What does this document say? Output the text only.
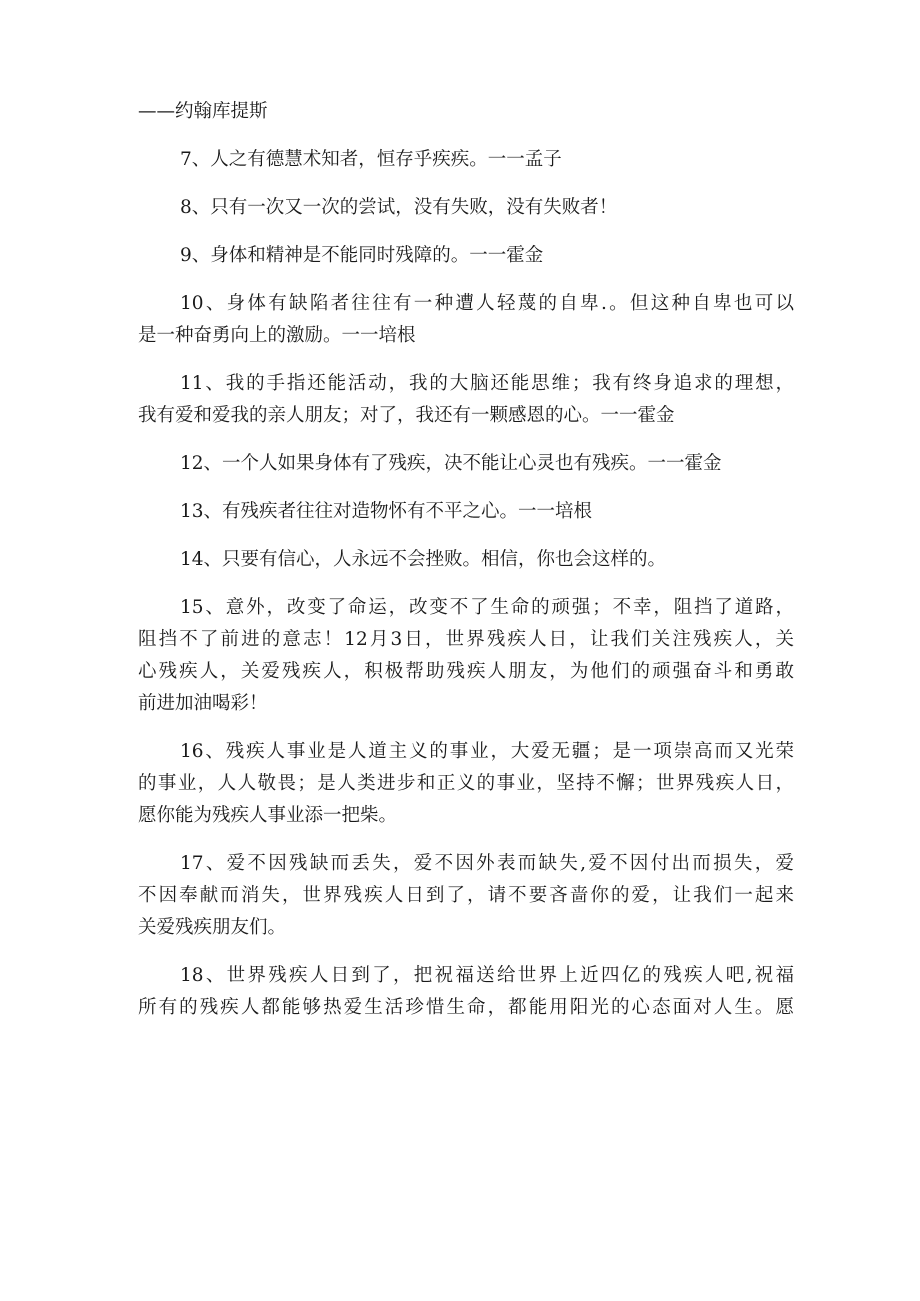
——约翰库提斯

7、人之有德慧术知者，恒存乎疾疾。一一孟子

8、只有一次又一次的尝试，没有失败，没有失败者！

9、身体和精神是不能同时残障的。一一霍金

10、身体有缺陷者往往有一种遭人轻蔑的自卑.。但这种自卑也可以

是一种奋勇向上的激励。一一培根

11、我的手指还能活动，我的大脑还能思维；我有终身追求的理想，

我有爱和爱我的亲人朋友；对了，我还有一颗感恩的心。一一霍金

12、一个人如果身体有了残疾，决不能让心灵也有残疾。一一霍金

13、有残疾者往往对造物怀有不平之心。一一培根

14、只要有信心，人永远不会挫败。相信，你也会这样的。

15、意外，改变了命运，改变不了生命的顽强；不幸，阻挡了道路，

阻挡不了前进的意志！12月3日，世界残疾人日，让我们关注残疾人，关

心残疾人，关爱残疾人，积极帮助残疾人朋友，为他们的顽强奋斗和勇敢

前进加油喝彩！

16、残疾人事业是人道主义的事业，大爱无疆；是一项崇高而又光荣

的事业，人人敬畏；是人类进步和正义的事业，坚持不懈；世界残疾人日，

愿你能为残疾人事业添一把柴。

17、爱不因残缺而丢失，爱不因外表而缺失,爱不因付出而损失，爱

不因奉献而消失，世界残疾人日到了，请不要吝啬你的爱，让我们一起来

关爱残疾朋友们。

18、世界残疾人日到了，把祝福送给世界上近四亿的残疾人吧,祝福

所有的残疾人都能够热爱生活珍惜生命，都能用阳光的心态面对人生。愿
